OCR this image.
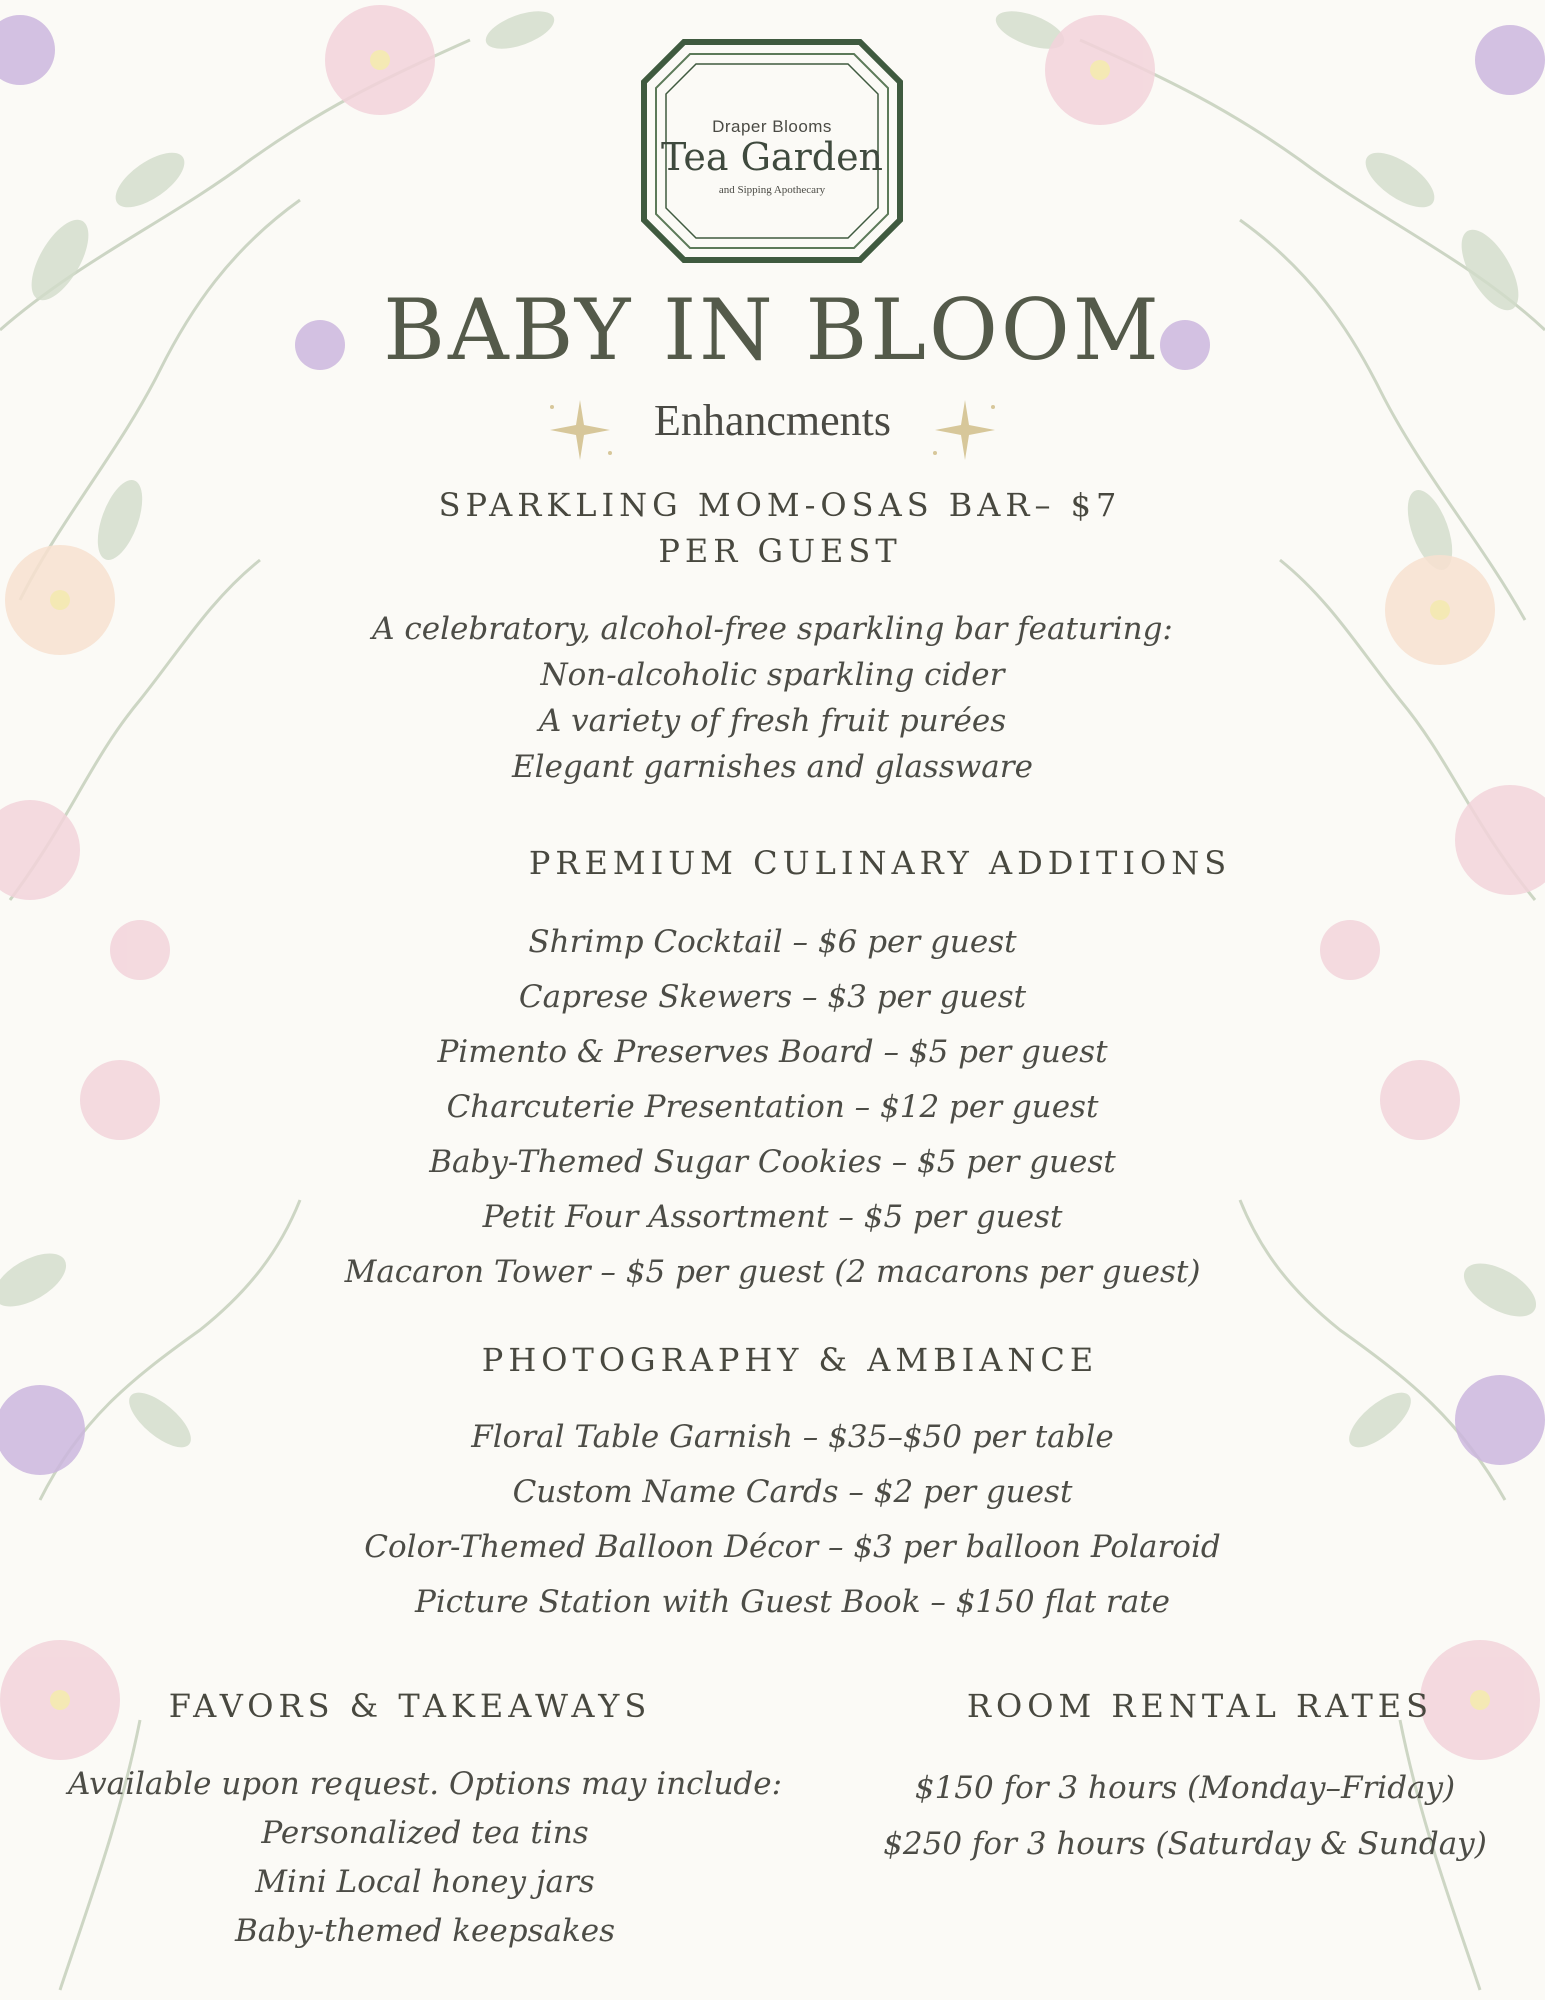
Draper Blooms
Tea Garden
and Sipping Apothecary
BABY IN BLOOM
Enhancments
SPARKLING MOM-OSAS BAR– $7
PER GUEST
A celebratory, alcohol-free sparkling bar featuring:
Non-alcoholic sparkling cider
A variety of fresh fruit purées
Elegant garnishes and glassware
PREMIUM CULINARY ADDITIONS
Shrimp Cocktail – $6 per guest
Caprese Skewers – $3 per guest
Pimento & Preserves Board – $5 per guest
Charcuterie Presentation – $12 per guest
Baby-Themed Sugar Cookies – $5 per guest
Petit Four Assortment – $5 per guest
Macaron Tower – $5 per guest (2 macarons per guest)
PHOTOGRAPHY & AMBIANCE
Floral Table Garnish – $35–$50 per table
Custom Name Cards – $2 per guest
Color-Themed Balloon Décor – $3 per balloon Polaroid
Picture Station with Guest Book – $150 flat rate
FAVORS & TAKEAWAYS
Available upon request. Options may include:
Personalized tea tins
Mini Local honey jars
Baby-themed keepsakes
ROOM RENTAL RATES
$150 for 3 hours (Monday–Friday)
$250 for 3 hours (Saturday & Sunday)
